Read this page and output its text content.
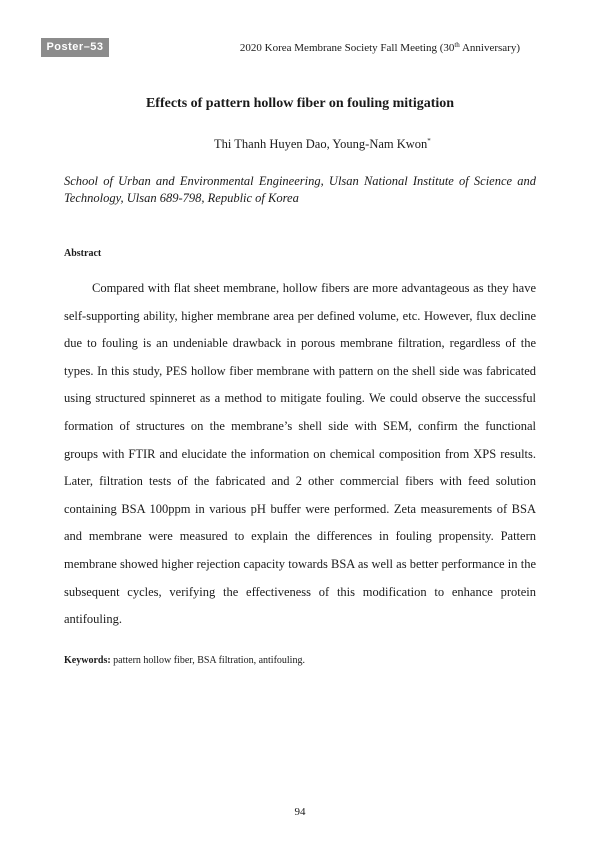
Poster–53	2020 Korea Membrane Society Fall Meeting (30th Anniversary)
Effects of pattern hollow fiber on fouling mitigation
Thi Thanh Huyen Dao, Young-Nam Kwon*

School of Urban and Environmental Engineering, Ulsan National Institute of Science and Technology, Ulsan 689-798, Republic of Korea

Abstract

Compared with flat sheet membrane, hollow fibers are more advantageous as they have self-supporting ability, higher membrane area per defined volume, etc. However, flux decline due to fouling is an undeniable drawback in porous membrane filtration, regardless of the types. In this study, PES hollow fiber membrane with pattern on the shell side was fabricated using structured spinneret as a method to mitigate fouling. We could observe the successful formation of structures on the membrane’s shell side with SEM, confirm the functional groups with FTIR and elucidate the information on chemical composition from XPS results. Later, filtration tests of the fabricated and 2 other commercial fibers with feed solution containing BSA 100ppm in various pH buffer were performed. Zeta measurements of BSA and membrane were measured to explain the differences in fouling propensity. Pattern membrane showed higher rejection capacity towards BSA as well as better performance in the subsequent cycles, verifying the effectiveness of this modification to enhance protein antifouling.

Keywords: pattern hollow fiber, BSA filtration, antifouling.

94
